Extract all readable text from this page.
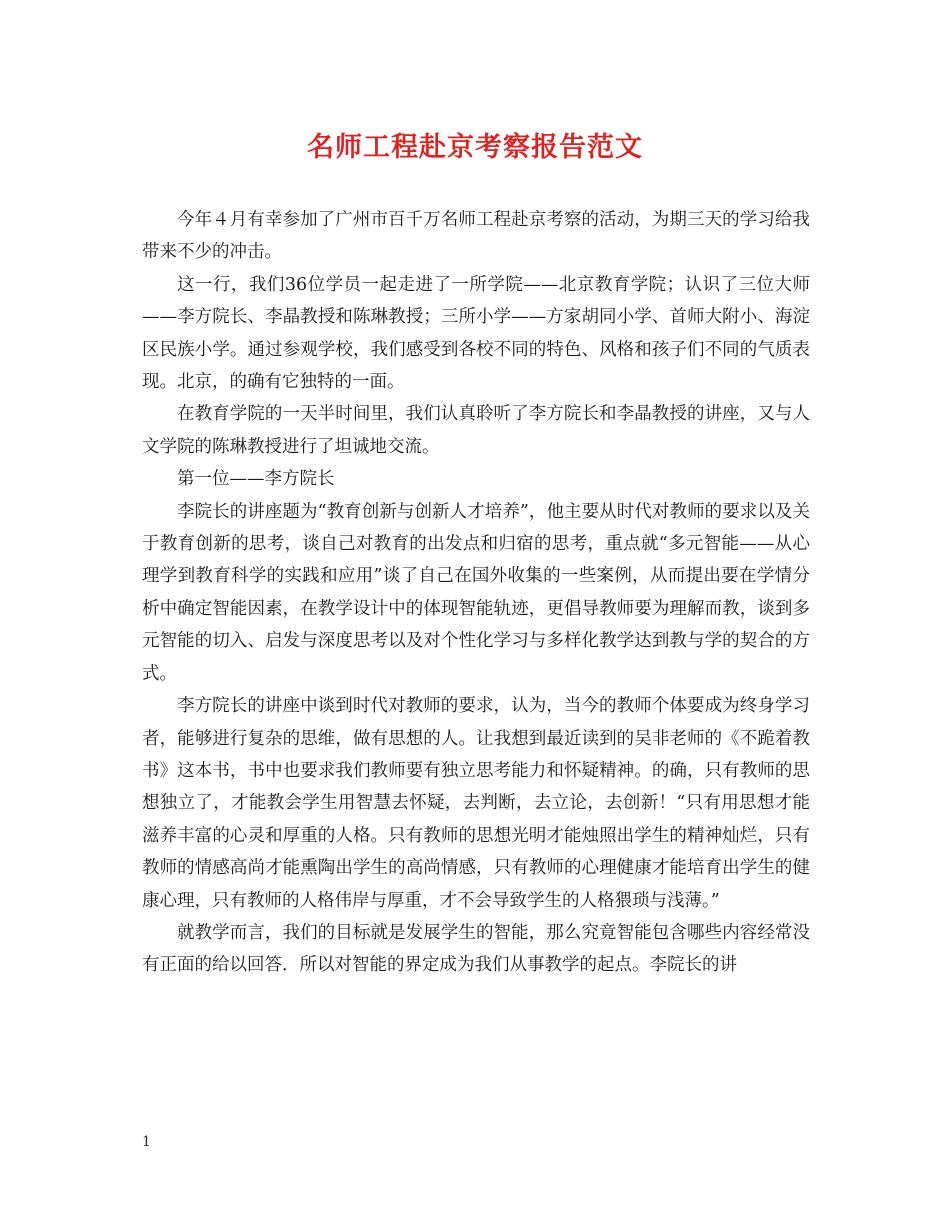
名师工程赴京考察报告范文

今年４月有幸参加了广州市百千万名师工程赴京考察的活动，为期三天的学习给我带来不少的冲击。

这一行，我们36位学员一起走进了一所学院——北京教育学院；认识了三位大师——李方院长、李晶教授和陈琳教授；三所小学——方家胡同小学、首师大附小、海淀区民族小学。通过参观学校，我们感受到各校不同的特色、风格和孩子们不同的气质表现。北京，的确有它独特的一面。

在教育学院的一天半时间里，我们认真聆听了李方院长和李晶教授的讲座，又与人文学院的陈琳教授进行了坦诚地交流。

第一位——李方院长

李院长的讲座题为“教育创新与创新人才培养”，他主要从时代对教师的要求以及关于教育创新的思考，谈自己对教育的出发点和归宿的思考，重点就“多元智能——从心理学到教育科学的实践和应用”谈了自己在国外收集的一些案例，从而提出要在学情分析中确定智能因素，在教学设计中的体现智能轨迹，更倡导教师要为理解而教，谈到多元智能的切入、启发与深度思考以及对个性化学习与多样化教学达到教与学的契合的方式。

李方院长的讲座中谈到时代对教师的要求，认为，当今的教师个体要成为终身学习者，能够进行复杂的思维，做有思想的人。让我想到最近读到的吴非老师的《不跪着教书》这本书，书中也要求我们教师要有独立思考能力和怀疑精神。的确，只有教师的思想独立了，才能教会学生用智慧去怀疑，去判断，去立论，去创新！“只有用思想才能滋养丰富的心灵和厚重的人格。只有教师的思想光明才能烛照出学生的精神灿烂，只有教师的情感高尚才能熏陶出学生的高尚情感，只有教师的心理健康才能培育出学生的健康心理，只有教师的人格伟岸与厚重，才不会导致学生的人格猥琐与浅薄。”

就教学而言，我们的目标就是发展学生的智能，那么究竟智能包含哪些内容经常没有正面的给以回答．所以对智能的界定成为我们从事教学的起点。李院长的讲

1
